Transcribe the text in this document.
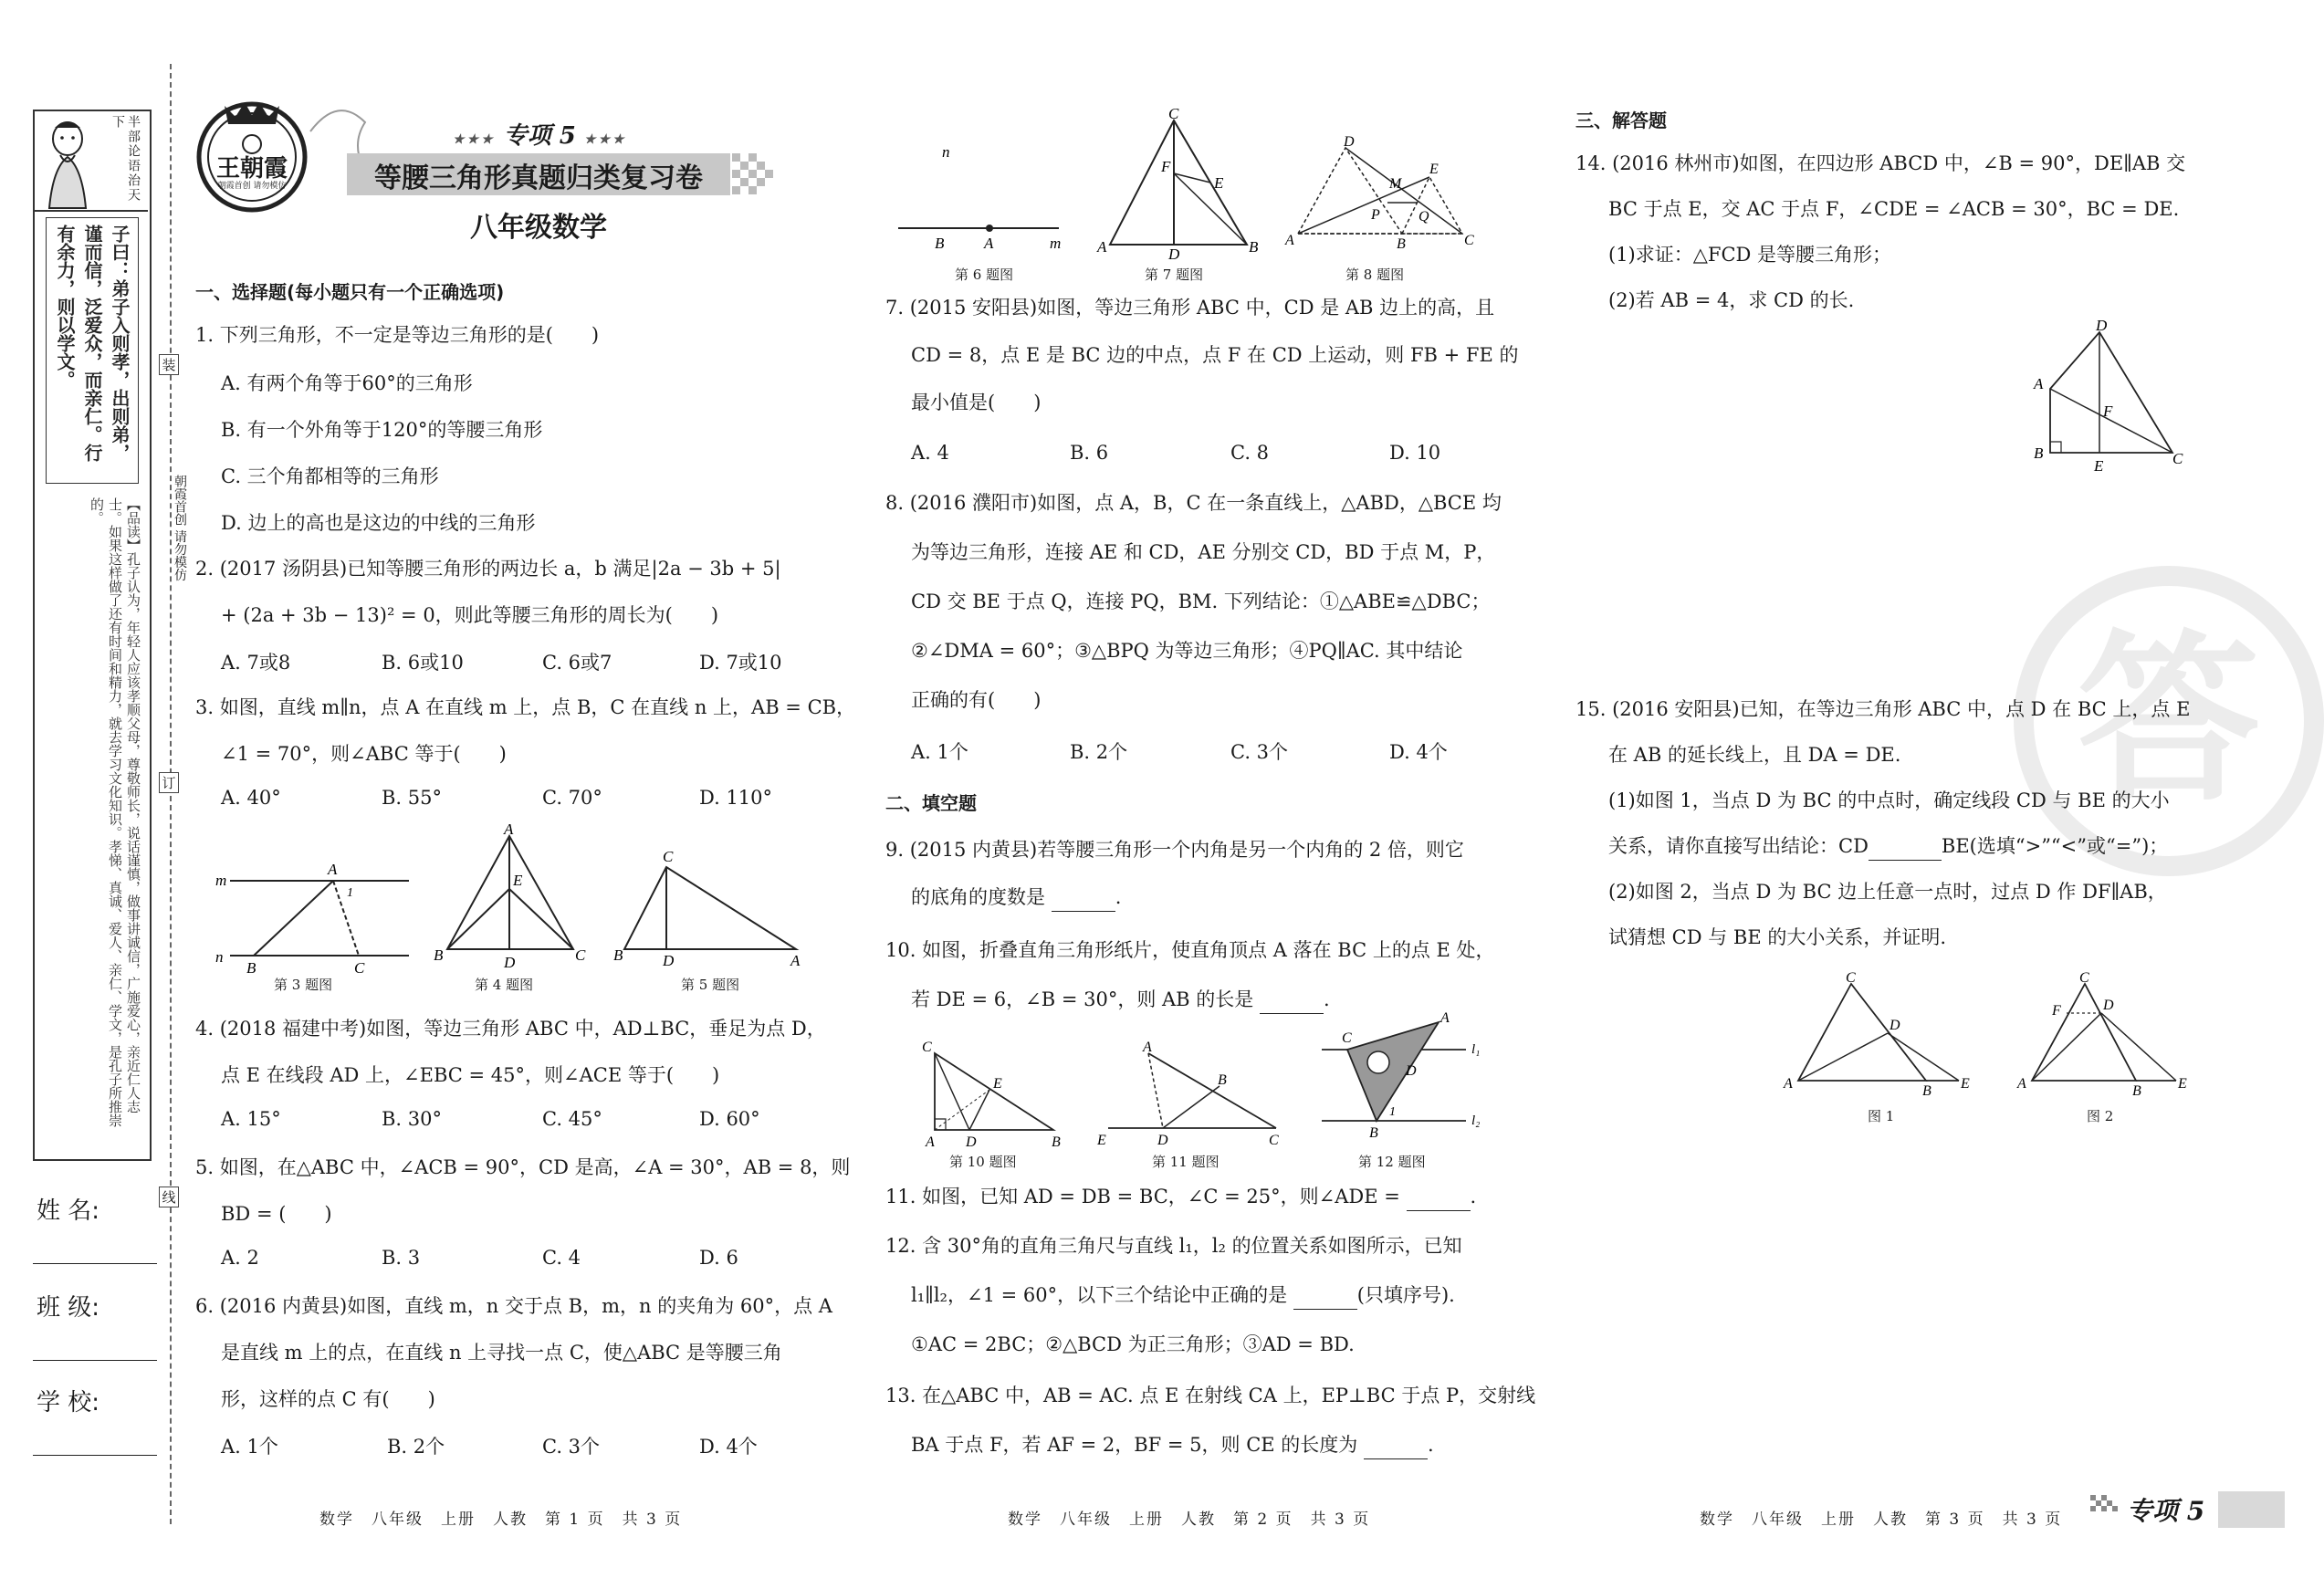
半部论语治天下
子曰：弟子入则孝，出则弟，谨而信，泛爱众，而亲仁。行有余力，则以学文。
【品读】孔子认为，年轻人应该孝顺父母，尊敬师长，说话谨慎，做事讲诚信，广施爱心，亲近仁人志士。如果这样做了还有时间和精力，就去学习文化知识。孝悌、真诚、爱人、亲仁、学文，是孔子所推崇的。
姓 名:
班 级:
学 校:
装
朝霞首创 请勿模仿
订
线
王朝霞
朝霞首创 请勿模仿
★★★ 专项 5 ★★★
等腰三角形真题归类复习卷
八年级数学
一、选择题(每小题只有一个正确选项)
1. 下列三角形，不一定是等边三角形的是(　　)
A. 有两个角等于60°的三角形
B. 有一个外角等于120°的等腰三角形
C. 三个角都相等的三角形
D. 边上的高也是这边的中线的三角形
2. (2017 汤阴县)已知等腰三角形的两边长 a，b 满足|2a − 3b + 5|
+ (2a + 3b − 13)² = 0，则此等腰三角形的周长为(　　)
A. 7或8	B. 6或10	C. 6或7	D. 7或10
3. 如图，直线 m∥n，点 A 在直线 m 上，点 B，C 在直线 n 上，AB = CB，
∠1 = 70°，则∠ABC 等于(　　)
A. 40°	B. 55°	C. 70°	D. 110°
m
n
A
1
B	C
A
E
B	D	C
C
B	D	A
第 3 题图	第 4 题图	第 5 题图
4. (2018 福建中考)如图，等边三角形 ABC 中，AD⊥BC，垂足为点 D，
点 E 在线段 AD 上，∠EBC = 45°，则∠ACE 等于(　　)
A. 15°	B. 30°	C. 45°	D. 60°
5. 如图，在△ABC 中，∠ACB = 90°，CD 是高，∠A = 30°，AB = 8，则
BD = (　　)
A. 2	B. 3	C. 4	D. 6
6. (2016 内黄县)如图，直线 m，n 交于点 B，m，n 的夹角为 60°，点 A
是直线 m 上的点，在直线 n 上寻找一点 C，使△ABC 是等腰三角
形，这样的点 C 有(　　)
A. 1个	B. 2个	C. 3个	D. 4个
数学　八年级　上册　人教　第 1 页　共 3 页
n
B	A	m
C
F
E
A	D	B
D
M
E
P	Q
A	B	C
第 6 题图	第 7 题图	第 8 题图
7. (2015 安阳县)如图，等边三角形 ABC 中，CD 是 AB 边上的高，且
CD = 8，点 E 是 BC 边的中点，点 F 在 CD 上运动，则 FB + FE 的
最小值是(　　)
A. 4	B. 6	C. 8	D. 10
8. (2016 濮阳市)如图，点 A，B，C 在一条直线上，△ABD，△BCE 均
为等边三角形，连接 AE 和 CD，AE 分别交 CD，BD 于点 M，P，
CD 交 BE 于点 Q，连接 PQ，BM. 下列结论：①△ABE≌△DBC；
②∠DMA = 60°；③△BPQ 为等边三角形；④PQ∥AC. 其中结论
正确的有(　　)
A. 1个	B. 2个	C. 3个	D. 4个
二、填空题
9. (2015 内黄县)若等腰三角形一个内角是另一个内角的 2 倍，则它
的底角的度数是	.
10. 如图，折叠直角三角形纸片，使直角顶点 A 落在 BC 上的点 E 处，
若 DE = 6，∠B = 30°，则 AB 的长是	.
C
E
A D	B
A
B
E	D	C
C
A
D
1
B
l₁
l₂
第 10 题图	第 11 题图	第 12 题图
11. 如图，已知 AD = DB = BC，∠C = 25°，则∠ADE =	.
12. 含 30°角的直角三角尺与直线 l₁，l₂ 的位置关系如图所示，已知
l₁∥l₂，∠1 = 60°，以下三个结论中正确的是	(只填序号).
①AC = 2BC；②△BCD 为正三角形；③AD = BD.
13. 在△ABC 中，AB = AC. 点 E 在射线 CA 上，EP⊥BC 于点 P，交射线
BA 于点 F，若 AF = 2，BF = 5，则 CE 的长度为	.
数学　八年级　上册　人教　第 2 页　共 3 页
答
三、解答题
14. (2016 林州市)如图，在四边形 ABCD 中，∠B = 90°，DE∥AB 交
BC 于点 E，交 AC 于点 F，∠CDE = ∠ACB = 30°，BC = DE.
(1)求证：△FCD 是等腰三角形；
(2)若 AB = 4，求 CD 的长.
D
A
F
B
E	C
15. (2016 安阳县)已知，在等边三角形 ABC 中，点 D 在 BC 上，点 E
在 AB 的延长线上，且 DA = DE.
(1)如图 1，当点 D 为 BC 的中点时，确定线段 CD 与 BE 的大小
关系，请你直接写出结论：CD	BE(选填“>”“<”或“=”)；
(2)如图 2，当点 D 为 BC 边上任意一点时，过点 D 作 DF∥AB，
试猜想 CD 与 BE 的大小关系，并证明.
C
D
A	B E
C
F	D
A	B	E
图 1	图 2
数学　八年级　上册　人教　第 3 页　共 3 页	专项 5
